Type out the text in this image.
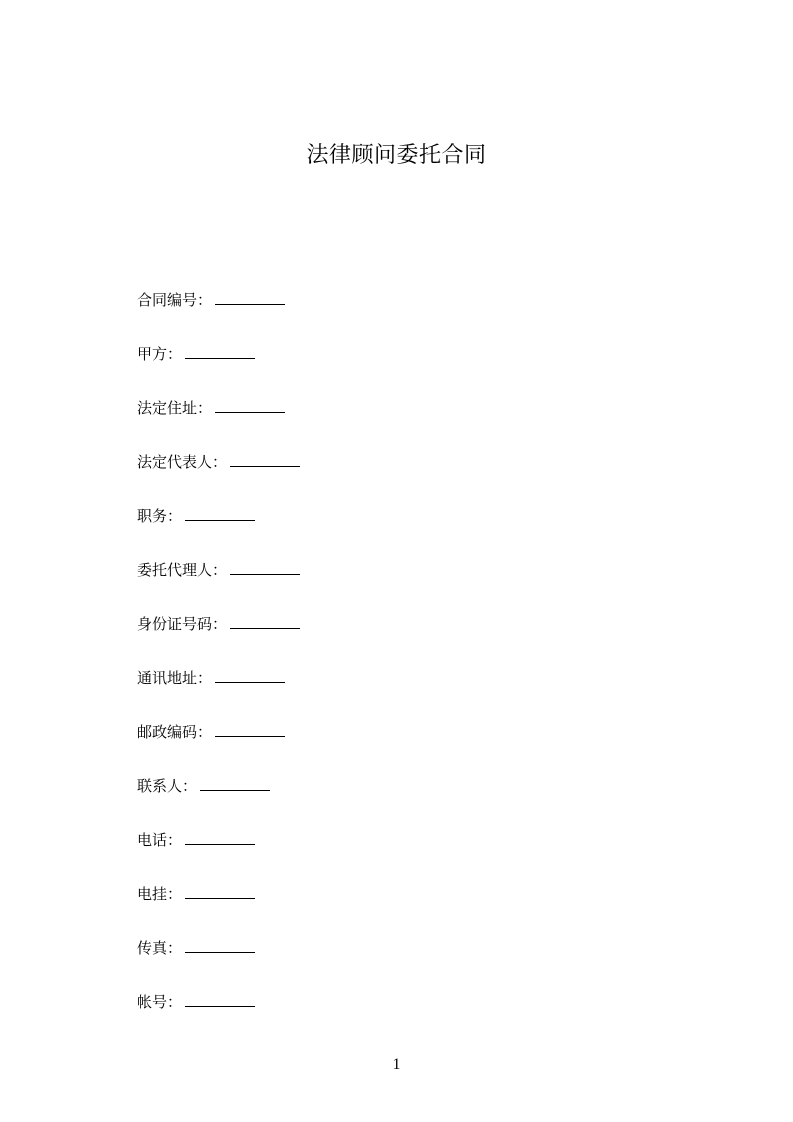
法律顾问委托合同
合同编号 ：
甲方 ：
法定住址 ：
法定代表人 ：
职务 ：
委托代理人 ：
身份证号码 ：
通讯地址 ：
邮政编码 ：
联系人 ：
电话 ：
电挂 ：
传真 ：
帐号 ：
1
